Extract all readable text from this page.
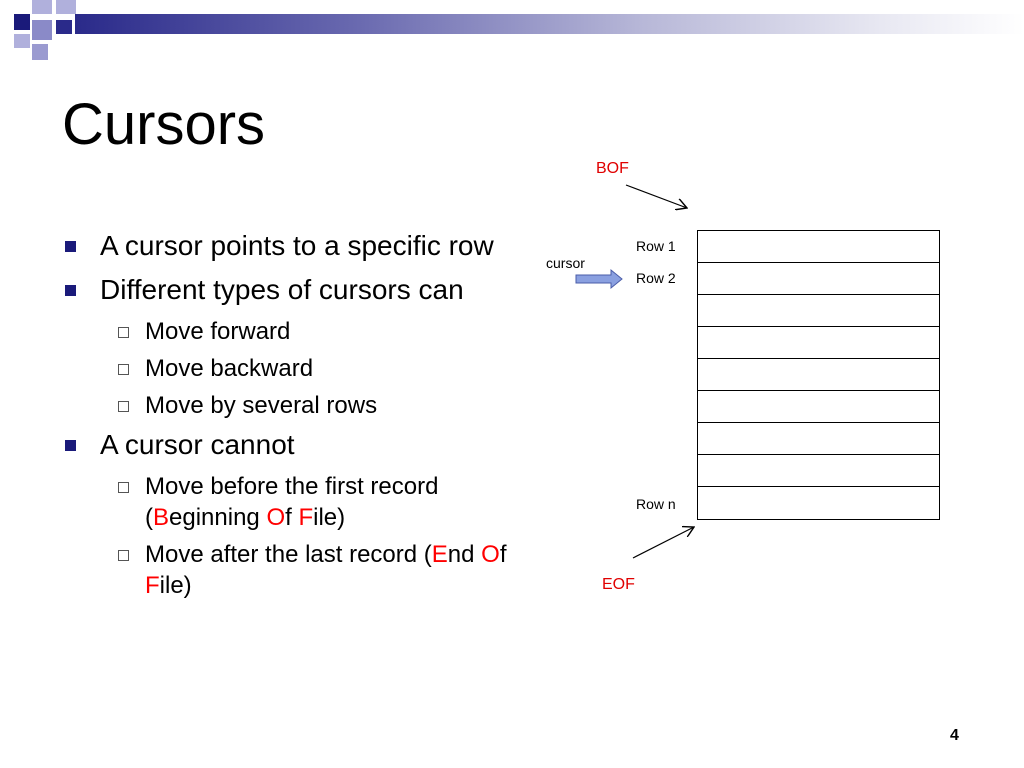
Cursors
A cursor points to a specific row
Different types of cursors can
Move forward
Move backward
Move by several rows
A cursor cannot
Move before the first record (Beginning Of File)
Move after the last record (End Of File)
BOF
EOF
cursor
Row 1
Row 2
Row n
4
